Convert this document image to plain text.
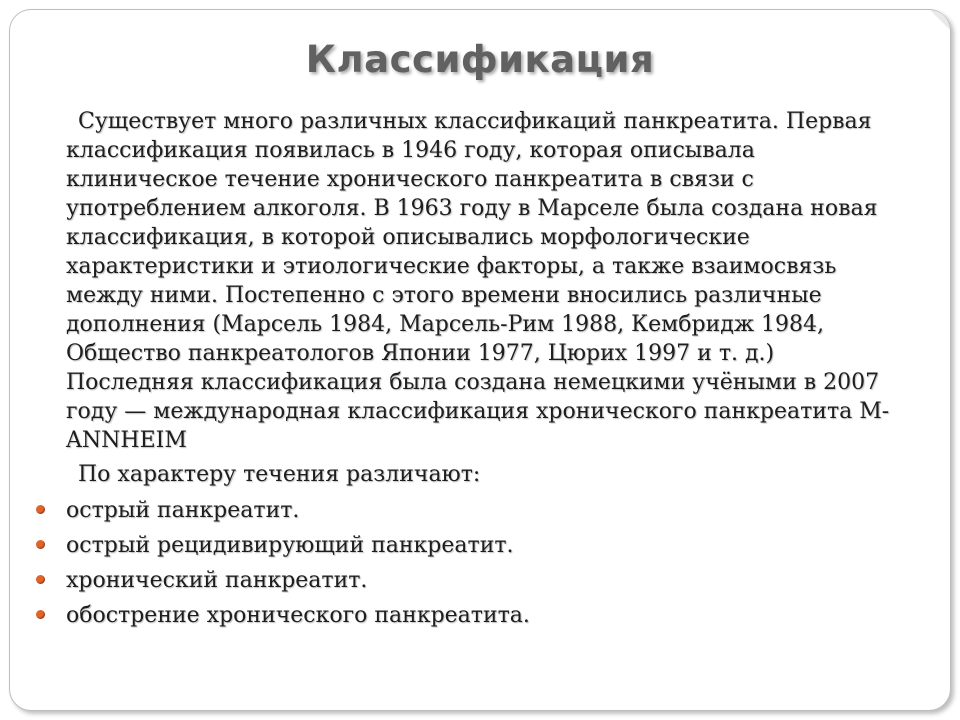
Классификация

Существует много различных классификаций панкреатита. Первая классификация появилась в 1946 году, которая описывала клиническое течение хронического панкреатита в связи с употреблением алкоголя. В 1963 году в Марселе была создана новая классификация, в которой описывались морфологические характеристики и этиологические факторы, а также взаимосвязь между ними. Постепенно с этого времени вносились различные дополнения (Марсель 1984, Марсель-Рим 1988, Кембридж 1984, Общество панкреатологов Японии 1977, Цюрих 1997 и т. д.) Последняя классификация была создана немецкими учёными в 2007 году — международная классификация хронического панкреатита M-ANNHEIM

По характеру течения различают:

острый панкреатит.
острый рецидивирующий панкреатит.
хронический панкреатит.
обострение хронического панкреатита.
